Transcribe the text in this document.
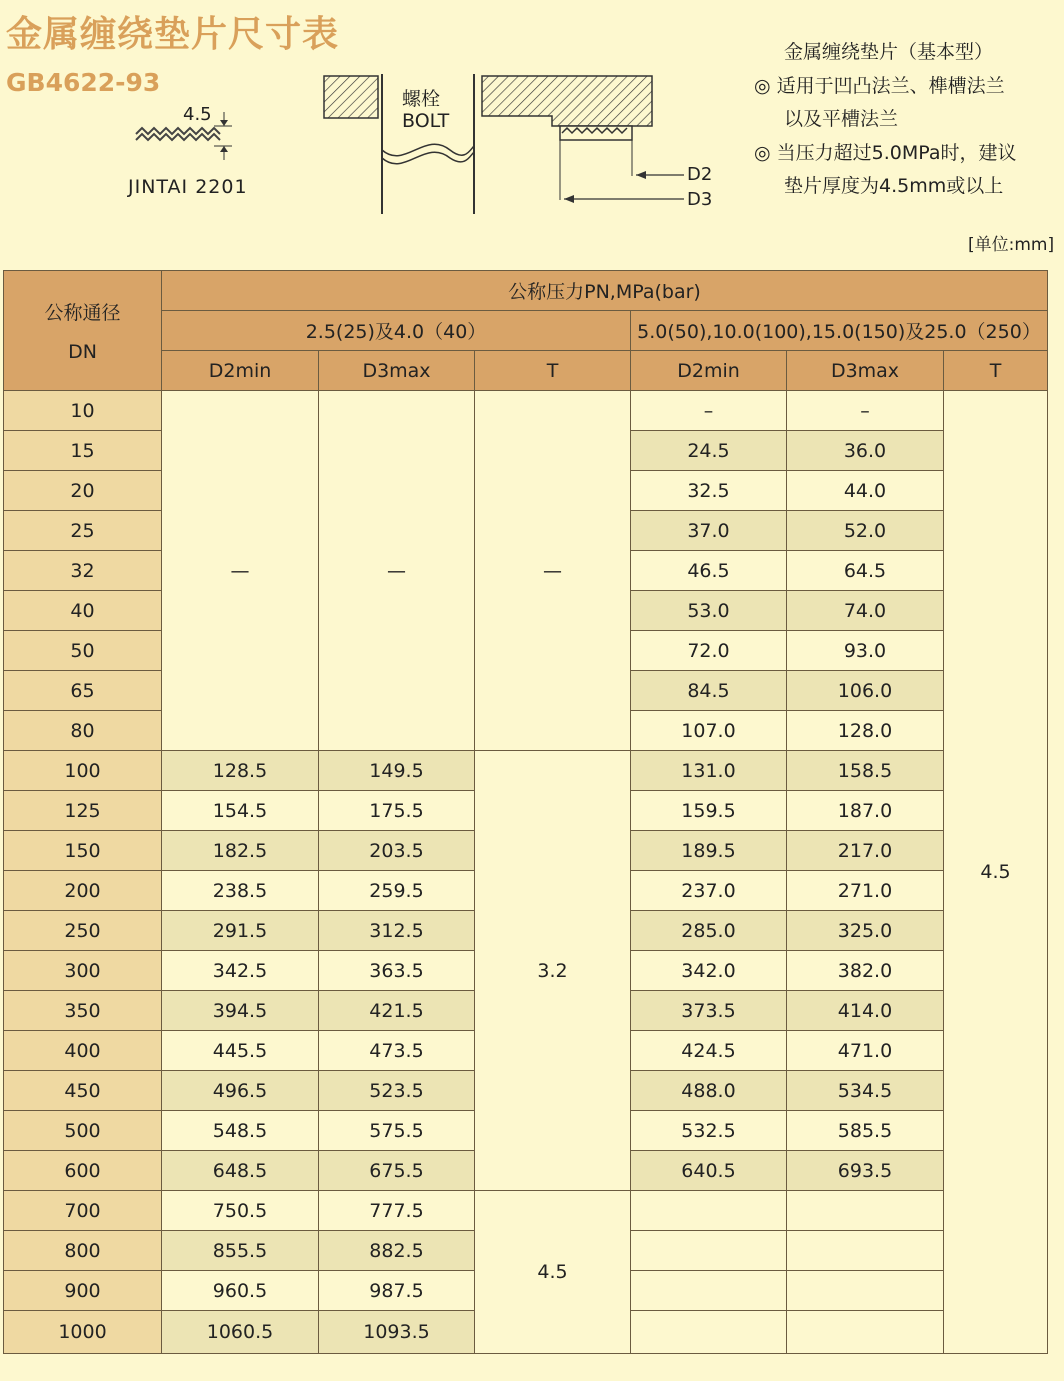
金属缠绕垫片尺寸表
GB4622-93
4.5
JINTAI 2201
螺栓
BOLT
D2
D3
金属缠绕垫片（基本型）
◎ 适用于凹凸法兰、榫槽法兰
以及平槽法兰
◎ 当压力超过5.0MPa时，建议
垫片厚度为4.5mm或以上
[单位:mm]
公称通径
DN	公称压力PN,MPa(bar)					
	2.5(25)及4.0（40）			5.0(50),10.0(100),15.0(150)及25.0（250）		
	D2min	D3max	T	D2min	D3max	T
10	—	—	—	–	–	4.5
15				24.5	36.0	
20				32.5	44.0	
25				37.0	52.0	
32				46.5	64.5	
40				53.0	74.0	
50				72.0	93.0	
65				84.5	106.0	
80				107.0	128.0	
100	128.5	149.5	3.2	131.0	158.5	
125	154.5	175.5		159.5	187.0	
150	182.5	203.5		189.5	217.0	
200	238.5	259.5		237.0	271.0	
250	291.5	312.5		285.0	325.0	
300	342.5	363.5		342.0	382.0	
350	394.5	421.5		373.5	414.0	
400	445.5	473.5		424.5	471.0	
450	496.5	523.5		488.0	534.5	
500	548.5	575.5		532.5	585.5	
600	648.5	675.5		640.5	693.5	
700	750.5	777.5	4.5			
800	855.5	882.5				
900	960.5	987.5				
1000	1060.5	1093.5				
